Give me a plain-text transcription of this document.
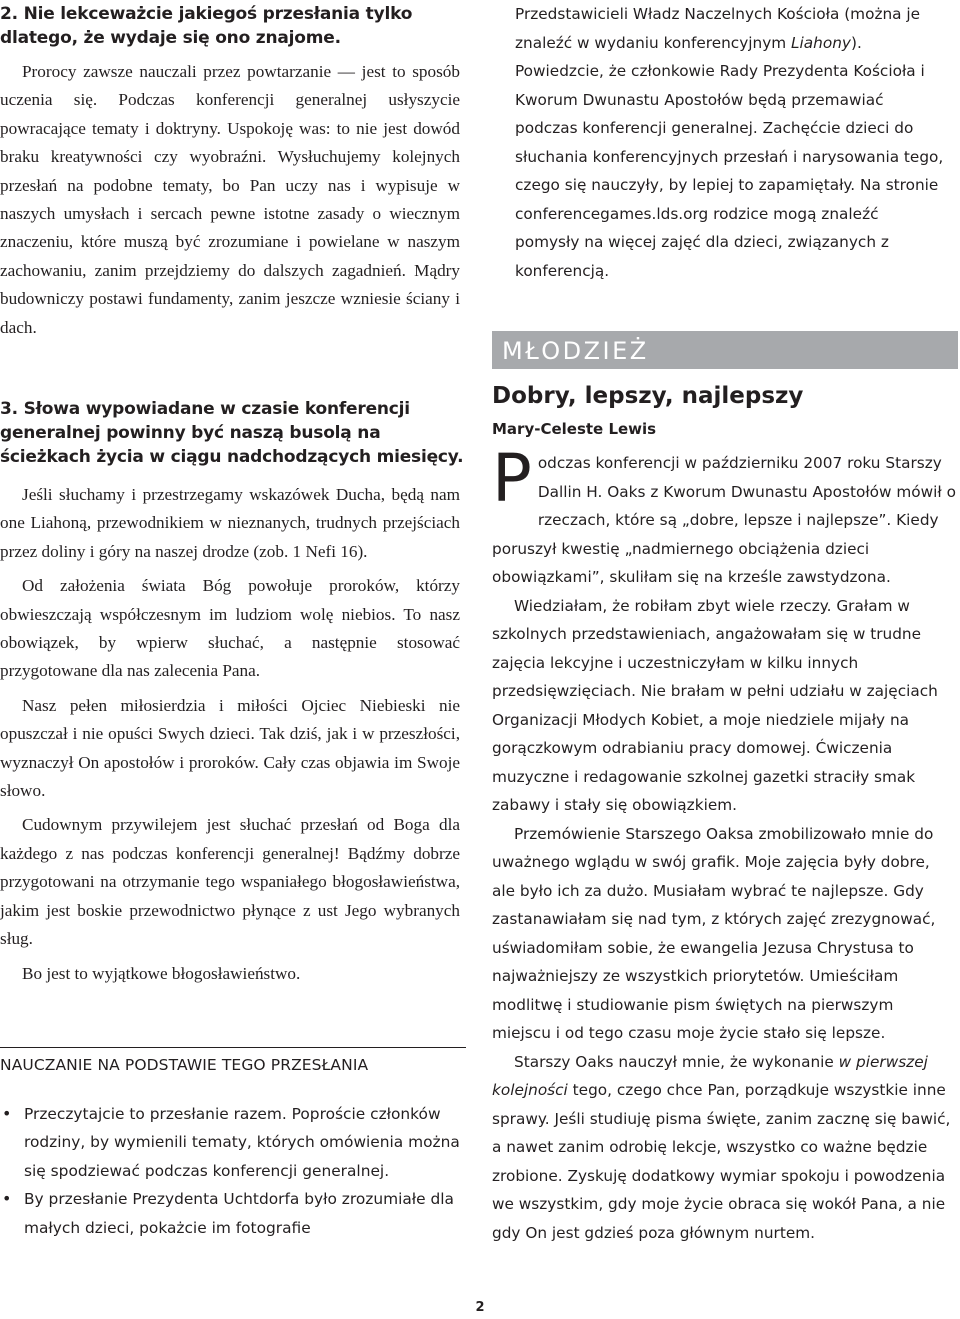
2. Nie lekceważcie jakiegoś przesłania tylko dlatego, że wydaje się ono znajome.

Prorocy zawsze nauczali przez powtarzanie — jest to sposób uczenia się. Podczas konferencji generalnej usłyszycie powracające tematy i doktryny. Uspokoję was: to nie jest dowód braku kreatywności czy wyobraźni. Wysłuchujemy kolejnych przesłań na podobne tematy, bo Pan uczy nas i wypisuje w naszych umysłach i sercach pewne istotne zasady o wiecznym znaczeniu, które muszą być zrozumiane i powielane w naszym zachowaniu, zanim przejdziemy do dalszych zagadnień. Mądry budowniczy postawi fundamenty, zanim jeszcze wzniesie ściany i dach.

3. Słowa wypowiadane w czasie konferencji generalnej powinny być naszą busolą na ścieżkach życia w ciągu nadchodzących miesięcy.

Jeśli słuchamy i przestrzegamy wskazówek Ducha, będą nam one Liahoną, przewodnikiem w nieznanych, trudnych przejściach przez doliny i góry na naszej drodze (zob. 1 Nefi 16).

Od założenia świata Bóg powołuje proroków, którzy obwieszczają współczesnym im ludziom wolę niebios. To nasz obowiązek, by wpierw słuchać, a następnie stosować przygotowane dla nas zalecenia Pana.

Nasz pełen miłosierdzia i miłości Ojciec Niebieski nie opuszczał i nie opuści Swych dzieci. Tak dziś, jak i w przeszłości, wyznaczył On apostołów i proroków. Cały czas objawia im Swoje słowo.

Cudownym przywilejem jest słuchać przesłań od Boga dla każdego z nas podczas konferencji generalnej! Bądźmy dobrze przygotowani na otrzymanie tego wspaniałego błogosławieństwa, jakim jest boskie przewodnictwo płynące z ust Jego wybranych sług.

Bo jest to wyjątkowe błogosławieństwo.

NAUCZANIE NA PODSTAWIE TEGO PRZESŁANIA
• Przeczytajcie to przesłanie razem. Poproście członków rodziny, by wymienili tematy, których omówienia można się spodziewać podczas konferencji generalnej.
• By przesłanie Prezydenta Uchtdorfa było zrozumiałe dla małych dzieci, pokażcie im fotografie
Przedstawicieli Władz Naczelnych Kościoła (można je znaleźć w wydaniu konferencyjnym Liahony). Powiedzcie, że członkowie Rady Prezydenta Kościoła i Kworum Dwunastu Apostołów będą przemawiać podczas konferencji generalnej. Zachęćcie dzieci do słuchania konferencyjnych przesłań i narysowania tego, czego się nauczyły, by lepiej to zapamiętały. Na stronie conferencegames.lds.org rodzice mogą znaleźć pomysły na więcej zajęć dla dzieci, związanych z konferencją.
MŁODZIEŻ
Dobry, lepszy, najlepszy
Mary-Celeste Lewis

Podczas konferencji w październiku 2007 roku Starszy Dallin H. Oaks z Kworum Dwunastu Apostołów mówił o rzeczach, które są „dobre, lepsze i najlepsze”. Kiedy poruszył kwestię „nadmiernego obciążenia dzieci obowiązkami”, skuliłam się na krześle zawstydzona.

Wiedziałam, że robiłam zbyt wiele rzeczy. Grałam w szkolnych przedstawieniach, angażowałam się w trudne zajęcia lekcyjne i uczestniczyłam w kilku innych przedsięwzięciach. Nie brałam w pełni udziału w zajęciach Organizacji Młodych Kobiet, a moje niedziele mijały na gorączkowym odrabianiu pracy domowej. Ćwiczenia muzyczne i redagowanie szkolnej gazetki straciły smak zabawy i stały się obowiązkiem.

Przemówienie Starszego Oaksa zmobilizowało mnie do uważnego wglądu w swój grafik. Moje zajęcia były dobre, ale było ich za dużo. Musiałam wybrać te najlepsze. Gdy zastanawiałam się nad tym, z których zajęć zrezygnować, uświadomiłam sobie, że ewangelia Jezusa Chrystusa to najważniejszy ze wszystkich priorytetów. Umieściłam modlitwę i studiowanie pism świętych na pierwszym miejscu i od tego czasu moje życie stało się lepsze.

Starszy Oaks nauczył mnie, że wykonanie w pierwszej kolejności tego, czego chce Pan, porządkuje wszystkie inne sprawy. Jeśli studiuję pisma święte, zanim zacznę się bawić, a nawet zanim odrobię lekcje, wszystko co ważne będzie zrobione. Zyskuję dodatkowy wymiar spokoju i powodzenia we wszystkim, gdy moje życie obraca się wokół Pana, a nie gdy On jest gdzieś poza głównym nurtem.

2
